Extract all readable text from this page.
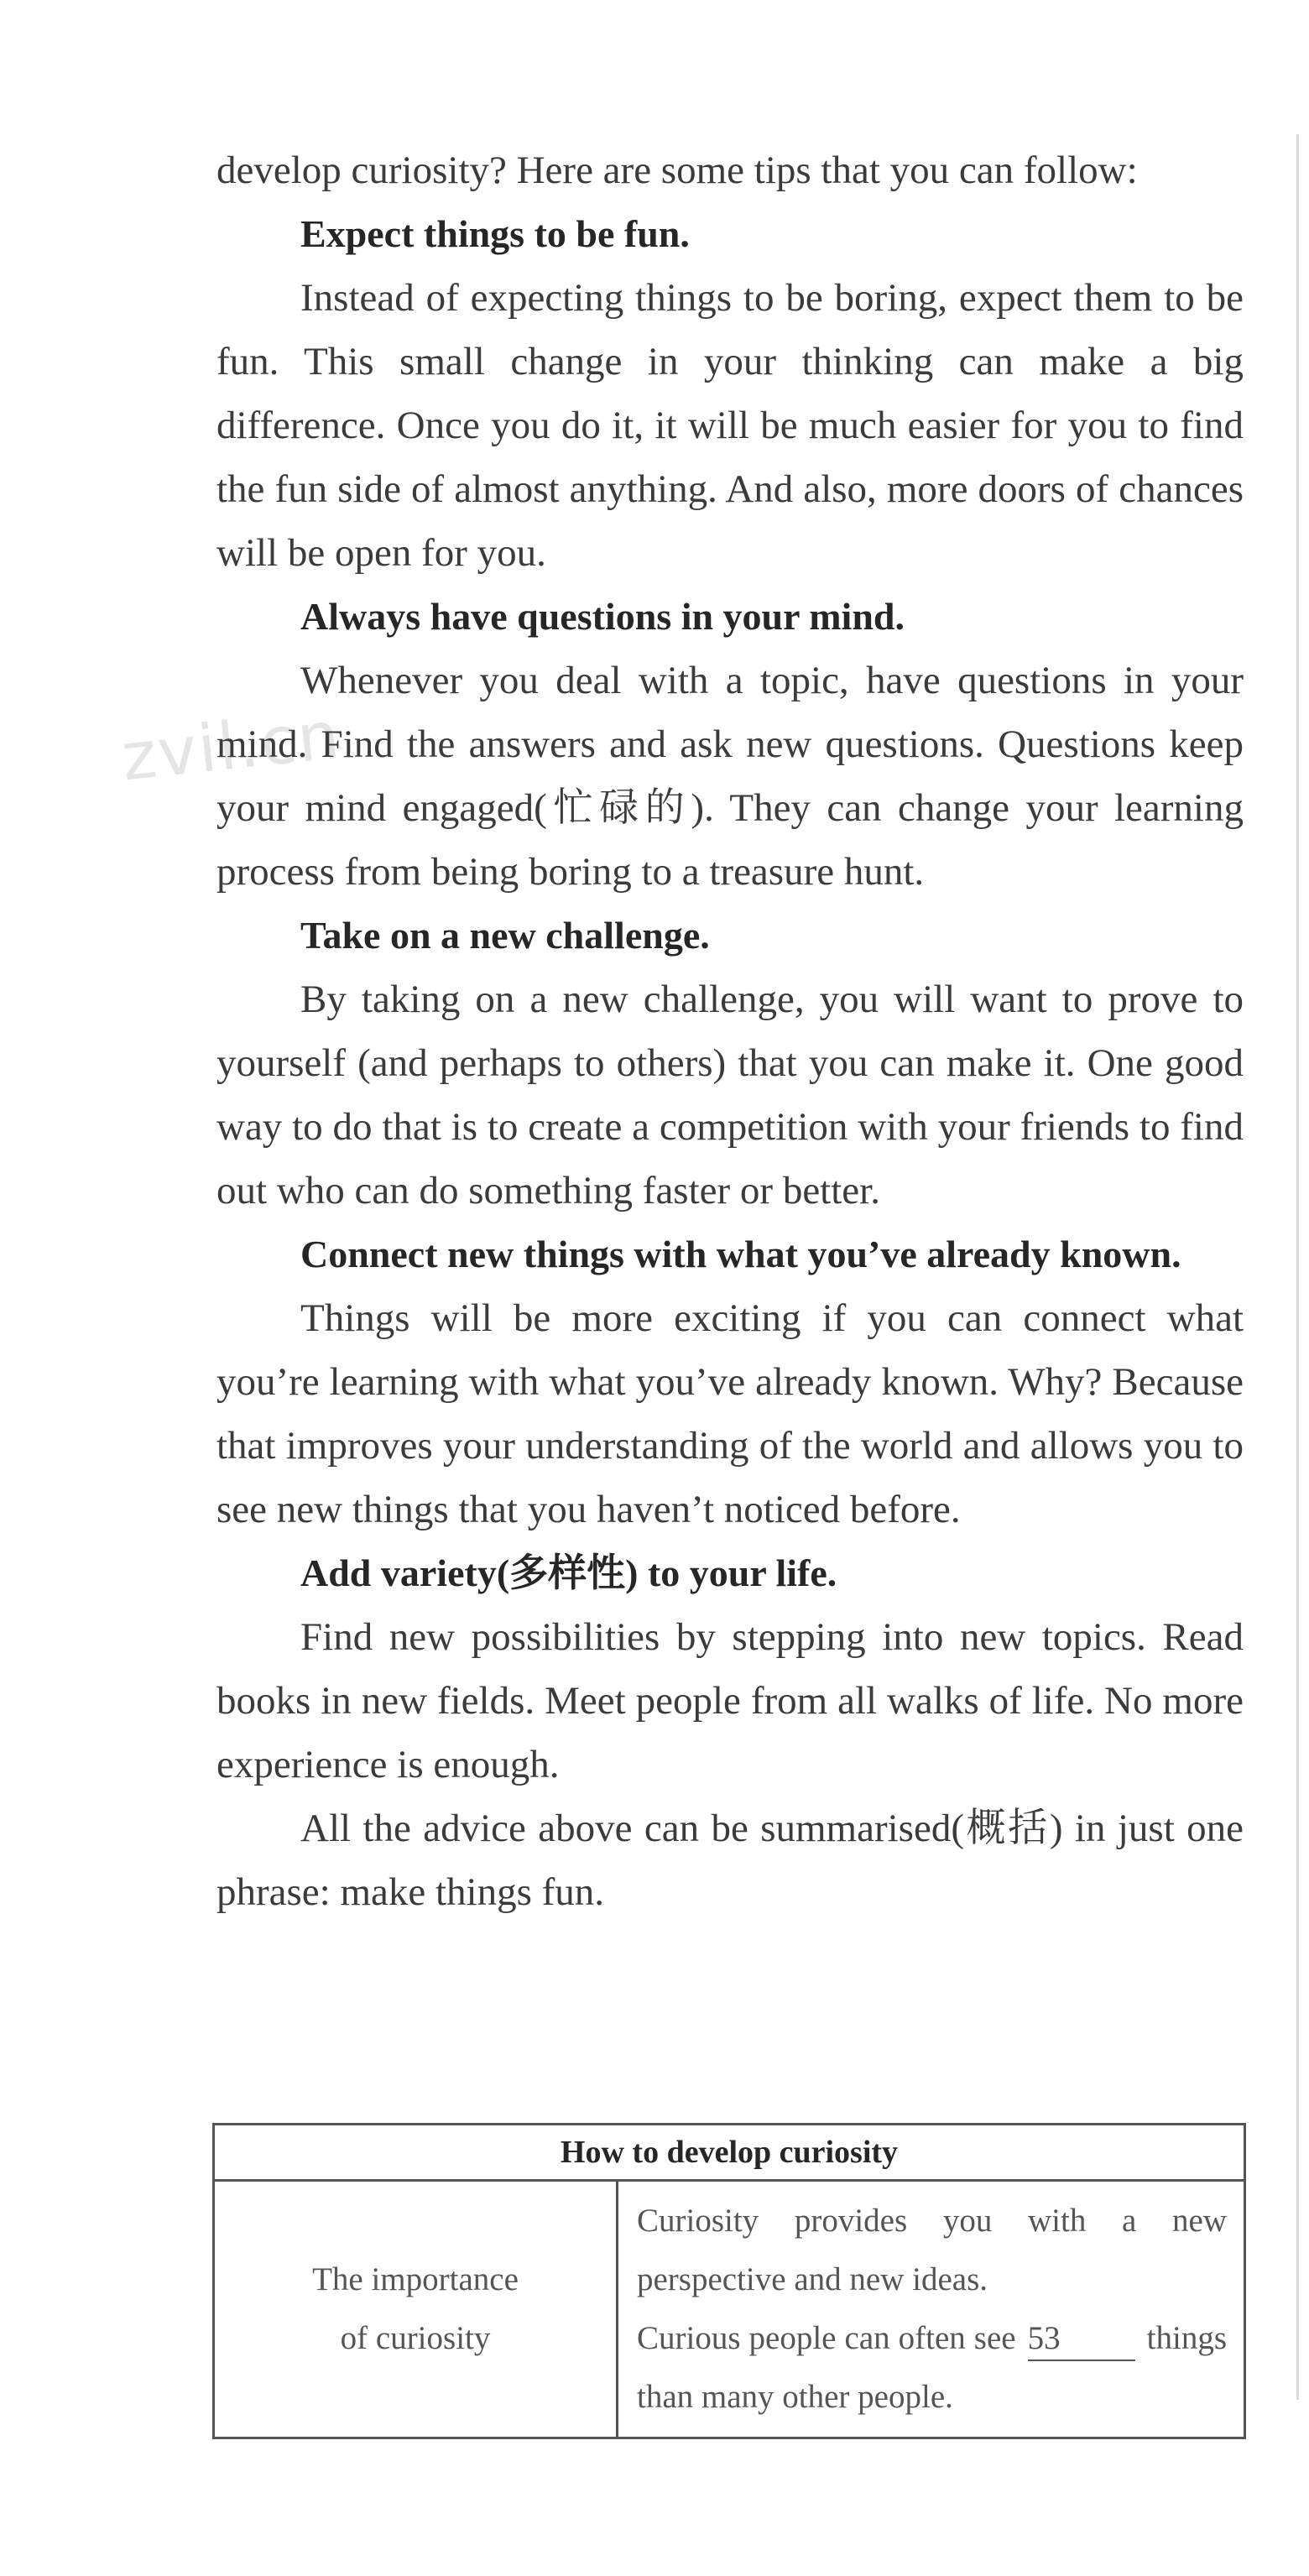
zvil.cn

develop curiosity? Here are some tips that you can follow:

Expect things to be fun.

Instead of expecting things to be boring, expect them to be fun. This small change in your thinking can make a big difference. Once you do it, it will be much easier for you to find the fun side of almost anything. And also, more doors of chances will be open for you.

Always have questions in your mind.

Whenever you deal with a topic, have questions in your mind. Find the answers and ask new questions. Questions keep your mind engaged(忙碌的). They can change your learning process from being boring to a treasure hunt.

Take on a new challenge.

By taking on a new challenge, you will want to prove to yourself (and perhaps to others) that you can make it. One good way to do that is to create a competition with your friends to find out who can do something faster or better.

Connect new things with what you’ve already known.

Things will be more exciting if you can connect what you’re learning with what you’ve already known. Why? Because that improves your understanding of the world and allows you to see new things that you haven’t noticed before.

Add variety(多样性) to your life.

Find new possibilities by stepping into new topics. Read books in new fields. Meet people from all walks of life. No more experience is enough.

All the advice above can be summarised(概括) in just one phrase: make things fun.

How to develop curiosity

The importance
of curiosity

Curiosity provides you with a new perspective and new ideas.
Curious people can often see 53	things than many other people.
